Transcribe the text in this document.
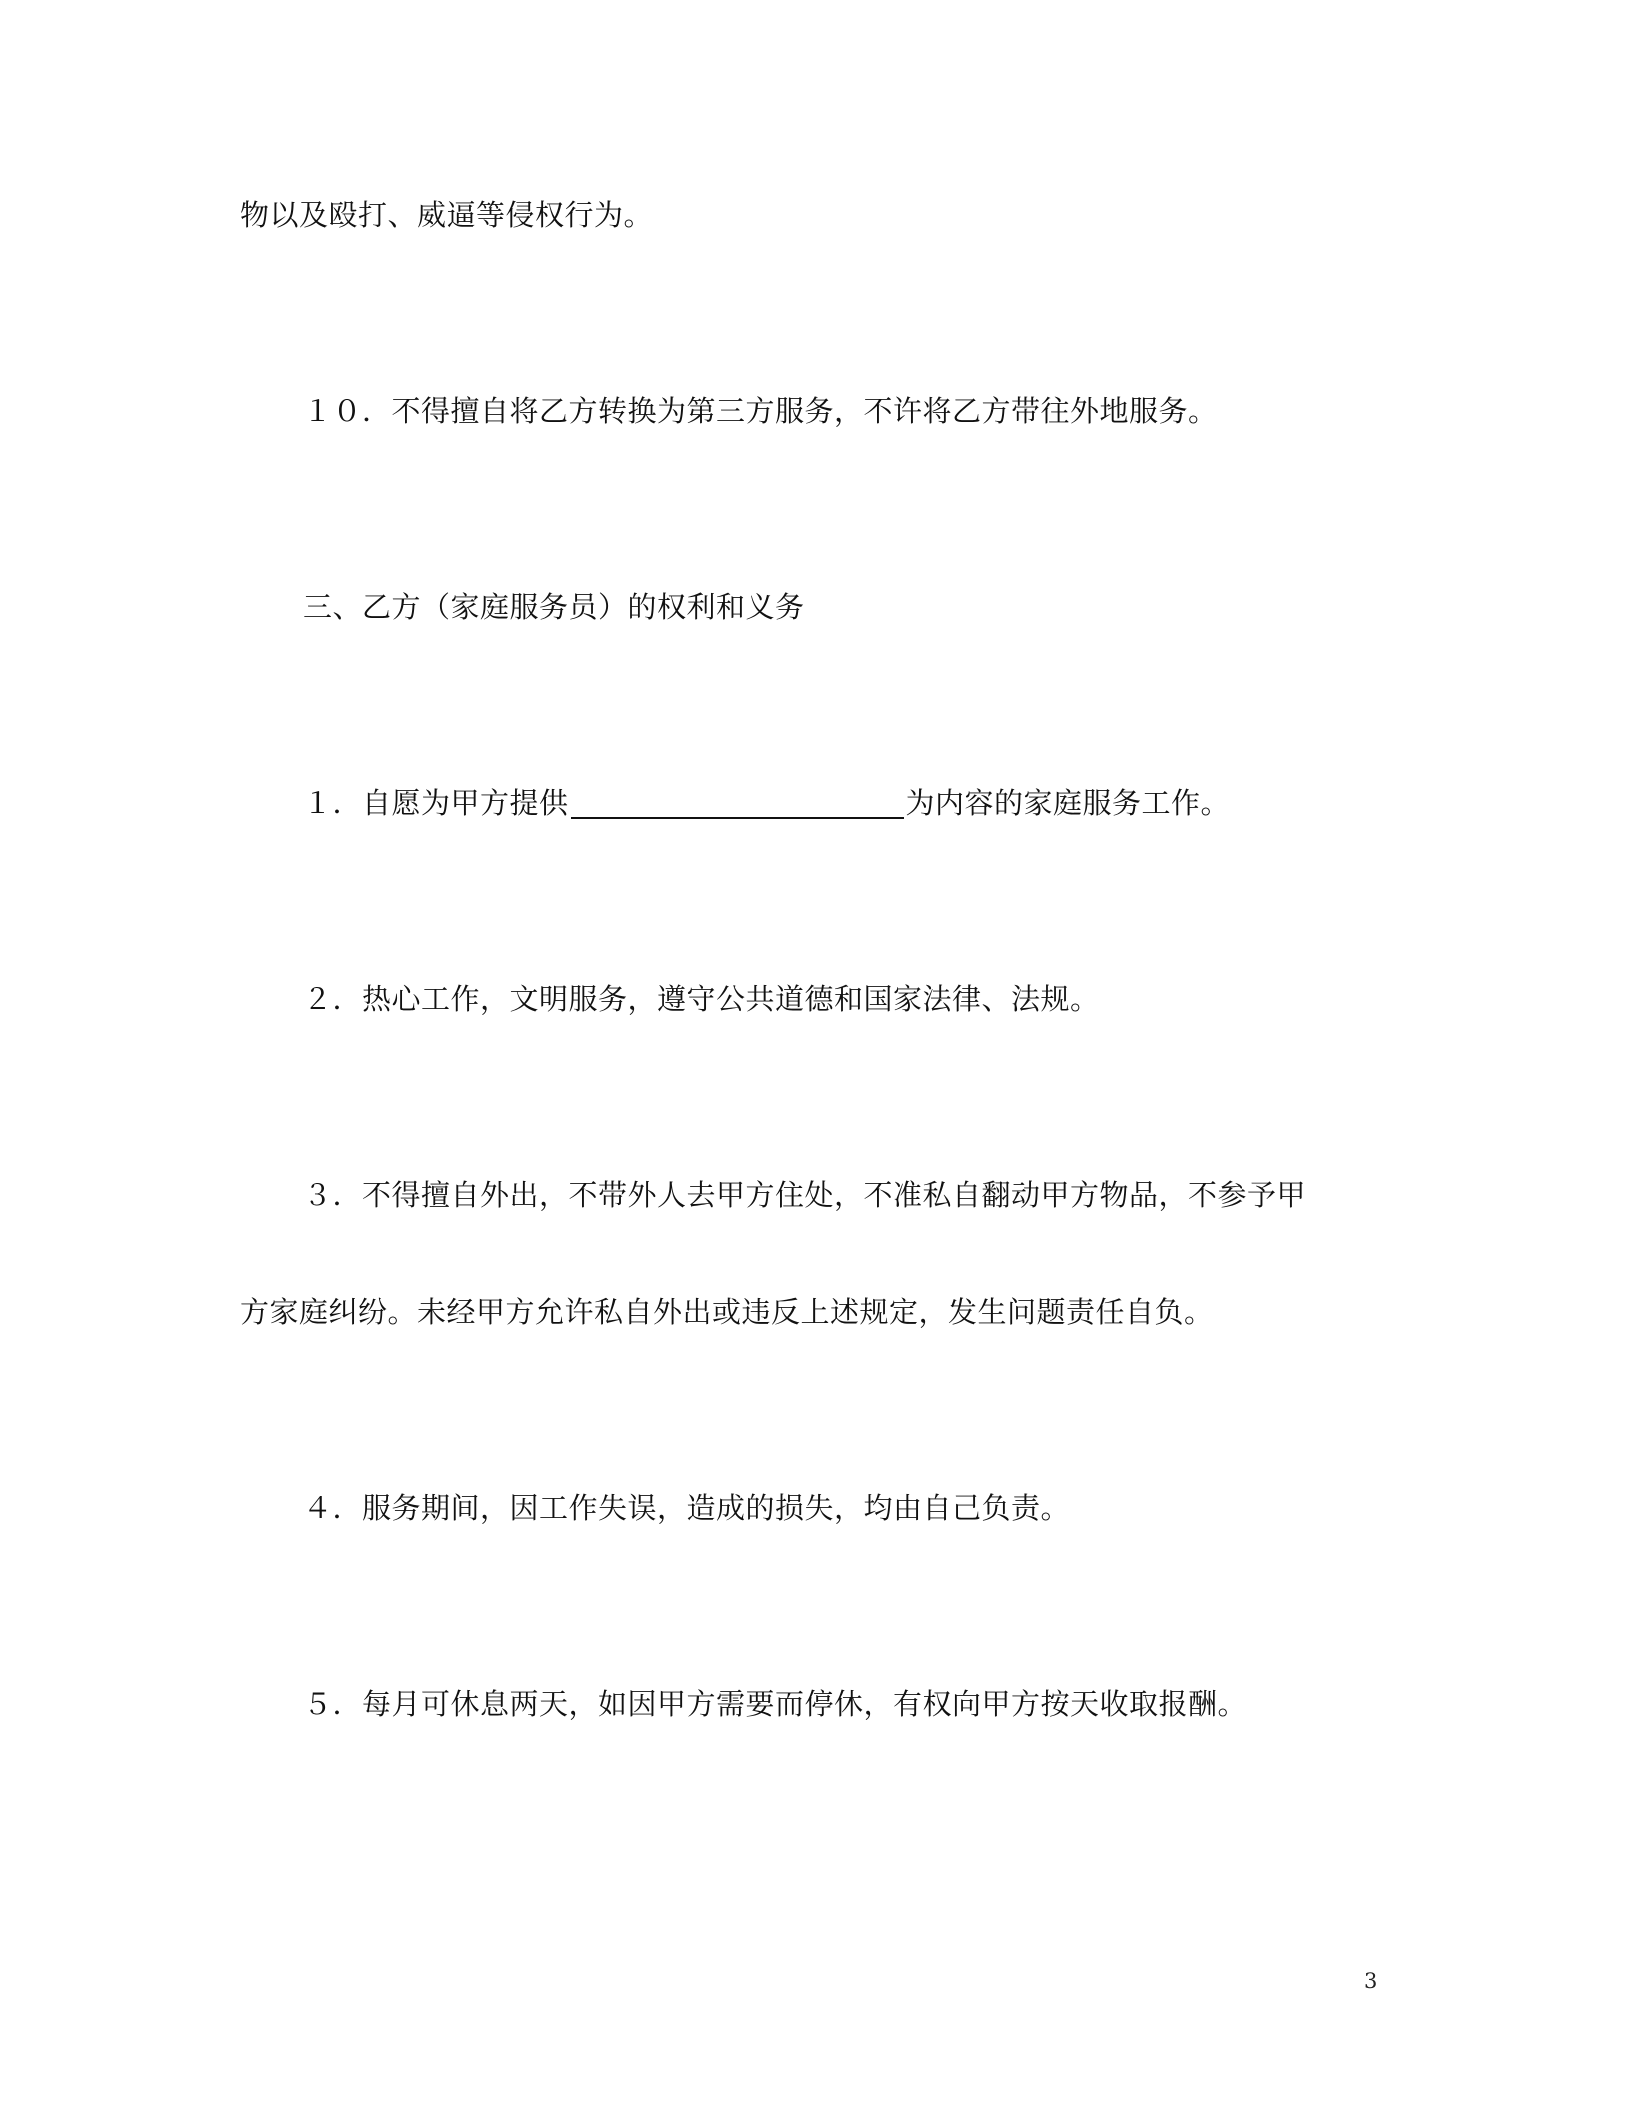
物以及殴打、威逼等侵权行为。
１０．不得擅自将乙方转换为第三方服务，不许将乙方带往外地服务。
三、乙方（家庭服务员）的权利和义务
１．自愿为甲方提供	为内容的家庭服务工作。
２．热心工作，文明服务，遵守公共道德和国家法律、法规。
３．不得擅自外出，不带外人去甲方住处，不准私自翻动甲方物品，不参予甲
方家庭纠纷。未经甲方允许私自外出或违反上述规定，发生问题责任自负。
４．服务期间，因工作失误，造成的损失，均由自己负责。
５．每月可休息两天，如因甲方需要而停休，有权向甲方按天收取报酬。
3
